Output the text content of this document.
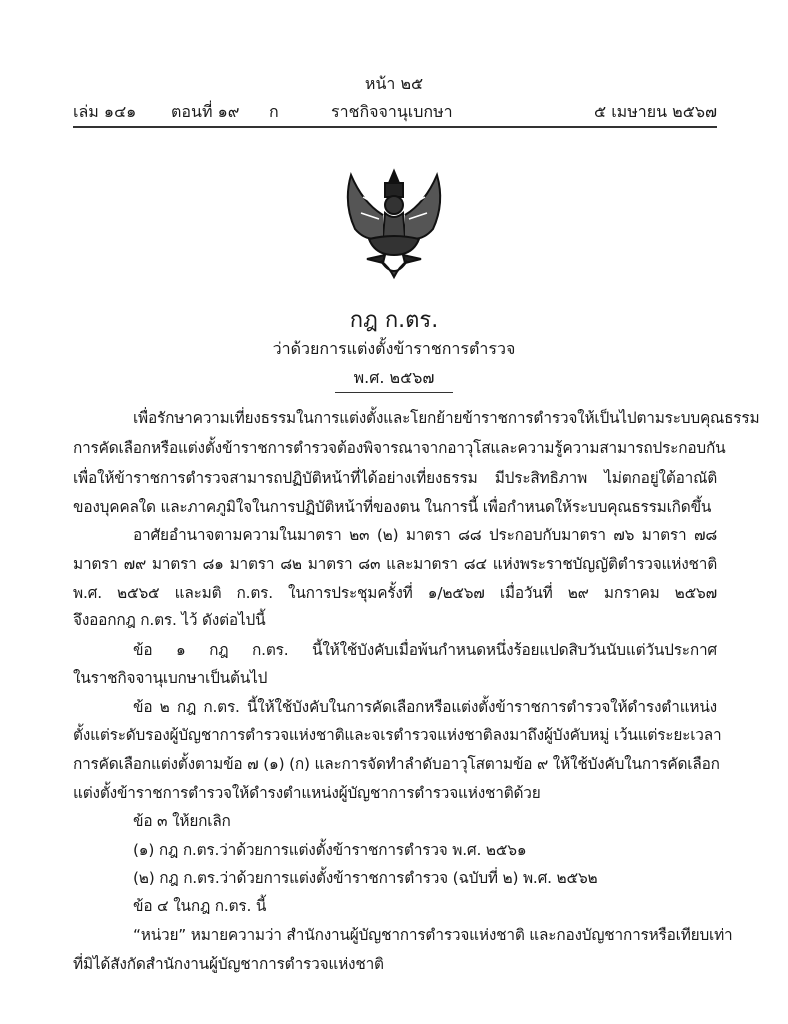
หน้า ๒๕
เล่ม ๑๔๑ ตอนที่ ๑๙ ก	ราชกิจจานุเบกษา	๕ เมษายน ๒๕๖๗
กฎ ก.ตร.
ว่าด้วยการแต่งตั้งข้าราชการตำรวจ
พ.ศ. ๒๕๖๗
เพื่อรักษาความเที่ยงธรรมในการแต่งตั้งและโยกย้ายข้าราชการตำรวจให้เป็นไปตามระบบคุณธรรม
การคัดเลือกหรือแต่งตั้งข้าราชการตำรวจต้องพิจารณาจากอาวุโสและความรู้ความสามารถประกอบกัน
เพื่อให้ข้าราชการตำรวจสามารถปฏิบัติหน้าที่ได้อย่างเที่ยงธรรม มีประสิทธิภาพ ไม่ตกอยู่ใต้อาณัติ
ของบุคคลใด และภาคภูมิใจในการปฏิบัติหน้าที่ของตน ในการนี้ เพื่อกำหนดให้ระบบคุณธรรมเกิดขึ้น
อาศัยอำนาจตามความในมาตรา ๒๓ (๒) มาตรา ๘๘ ประกอบกับมาตรา ๗๖ มาตรา ๗๘
มาตรา ๗๙ มาตรา ๘๑ มาตรา ๘๒ มาตรา ๘๓ และมาตรา ๘๔ แห่งพระราชบัญญัติตำรวจแห่งชาติ
พ.ศ. ๒๕๖๕ และมติ ก.ตร. ในการประชุมครั้งที่ ๑/๒๕๖๗ เมื่อวันที่ ๒๙ มกราคม ๒๕๖๗
จึงออกกฎ ก.ตร. ไว้ ดังต่อไปนี้
ข้อ ๑ กฎ ก.ตร. นี้ให้ใช้บังคับเมื่อพ้นกำหนดหนึ่งร้อยแปดสิบวันนับแต่วันประกาศ
ในราชกิจจานุเบกษาเป็นต้นไป
ข้อ ๒ กฎ ก.ตร. นี้ให้ใช้บังคับในการคัดเลือกหรือแต่งตั้งข้าราชการตำรวจให้ดำรงตำแหน่ง
ตั้งแต่ระดับรองผู้บัญชาการตำรวจแห่งชาติและจเรตำรวจแห่งชาติลงมาถึงผู้บังคับหมู่ เว้นแต่ระยะเวลา
การคัดเลือกแต่งตั้งตามข้อ ๗ (๑) (ก) และการจัดทำลำดับอาวุโสตามข้อ ๙ ให้ใช้บังคับในการคัดเลือก
แต่งตั้งข้าราชการตำรวจให้ดำรงตำแหน่งผู้บัญชาการตำรวจแห่งชาติด้วย
ข้อ ๓ ให้ยกเลิก
(๑) กฎ ก.ตร.ว่าด้วยการแต่งตั้งข้าราชการตำรวจ พ.ศ. ๒๕๖๑
(๒) กฎ ก.ตร.ว่าด้วยการแต่งตั้งข้าราชการตำรวจ (ฉบับที่ ๒) พ.ศ. ๒๕๖๒
ข้อ ๔ ในกฎ ก.ตร. นี้
“หน่วย” หมายความว่า สำนักงานผู้บัญชาการตำรวจแห่งชาติ และกองบัญชาการหรือเทียบเท่า
ที่มิได้สังกัดสำนักงานผู้บัญชาการตำรวจแห่งชาติ
